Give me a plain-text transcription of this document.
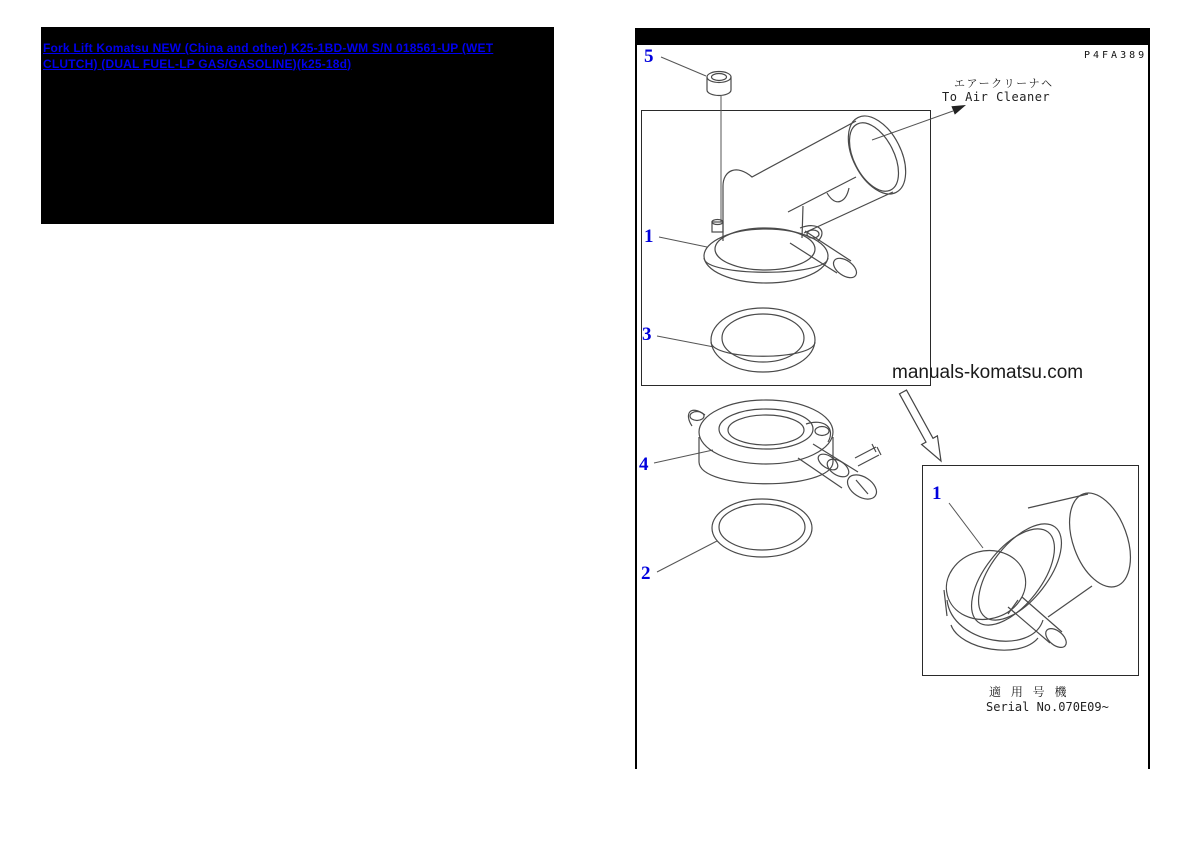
Fork Lift Komatsu NEW (China and other) K25-1BD-WM S/N 018561-UP (WET CLUTCH) (DUAL FUEL-LP GAS/GASOLINE)(k25-18d)
P4FA389
エアークリーナヘ
To Air Cleaner
manuals-komatsu.com
適 用 号 機
Serial No.070E09~
5
1
3
4
2
1
